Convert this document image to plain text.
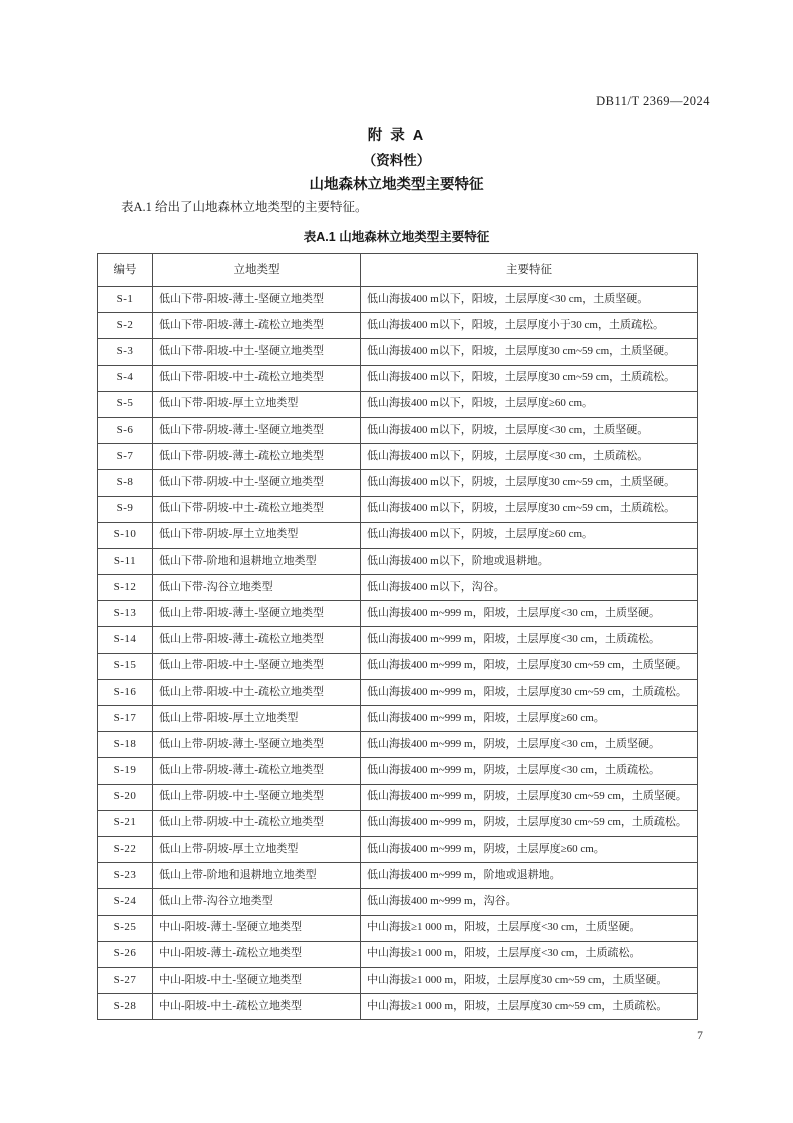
DB11/T 2369—2024
附 录 A
（资料性）
山地森林立地类型主要特征
表A.1 给出了山地森林立地类型的主要特征。
表A.1 山地森林立地类型主要特征
编号	立地类型	主要特征
S-1	低山下带-阳坡-薄土-坚硬立地类型	低山海拔400 m以下，阳坡，土层厚度<30 cm，土质坚硬。
S-2	低山下带-阳坡-薄土-疏松立地类型	低山海拔400 m以下，阳坡，土层厚度小于30 cm，土质疏松。
S-3	低山下带-阳坡-中土-坚硬立地类型	低山海拔400 m以下，阳坡，土层厚度30 cm~59 cm，土质坚硬。
S-4	低山下带-阳坡-中土-疏松立地类型	低山海拔400 m以下，阳坡，土层厚度30 cm~59 cm，土质疏松。
S-5	低山下带-阳坡-厚土立地类型	低山海拔400 m以下，阳坡，土层厚度≥60 cm。
S-6	低山下带-阴坡-薄土-坚硬立地类型	低山海拔400 m以下，阴坡，土层厚度<30 cm，土质坚硬。
S-7	低山下带-阴坡-薄土-疏松立地类型	低山海拔400 m以下，阴坡，土层厚度<30 cm，土质疏松。
S-8	低山下带-阴坡-中土-坚硬立地类型	低山海拔400 m以下，阴坡，土层厚度30 cm~59 cm，土质坚硬。
S-9	低山下带-阴坡-中土-疏松立地类型	低山海拔400 m以下，阴坡，土层厚度30 cm~59 cm，土质疏松。
S-10	低山下带-阴坡-厚土立地类型	低山海拔400 m以下，阴坡，土层厚度≥60 cm。
S-11	低山下带-阶地和退耕地立地类型	低山海拔400 m以下，阶地或退耕地。
S-12	低山下带-沟谷立地类型	低山海拔400 m以下，沟谷。
S-13	低山上带-阳坡-薄土-坚硬立地类型	低山海拔400 m~999 m，阳坡，土层厚度<30 cm，土质坚硬。
S-14	低山上带-阳坡-薄土-疏松立地类型	低山海拔400 m~999 m，阳坡，土层厚度<30 cm，土质疏松。
S-15	低山上带-阳坡-中土-坚硬立地类型	低山海拔400 m~999 m，阳坡，土层厚度30 cm~59 cm，土质坚硬。
S-16	低山上带-阳坡-中土-疏松立地类型	低山海拔400 m~999 m，阳坡，土层厚度30 cm~59 cm，土质疏松。
S-17	低山上带-阳坡-厚土立地类型	低山海拔400 m~999 m，阳坡，土层厚度≥60 cm。
S-18	低山上带-阴坡-薄土-坚硬立地类型	低山海拔400 m~999 m，阴坡，土层厚度<30 cm，土质坚硬。
S-19	低山上带-阴坡-薄土-疏松立地类型	低山海拔400 m~999 m，阴坡，土层厚度<30 cm，土质疏松。
S-20	低山上带-阴坡-中土-坚硬立地类型	低山海拔400 m~999 m，阴坡，土层厚度30 cm~59 cm，土质坚硬。
S-21	低山上带-阴坡-中土-疏松立地类型	低山海拔400 m~999 m，阴坡，土层厚度30 cm~59 cm，土质疏松。
S-22	低山上带-阴坡-厚土立地类型	低山海拔400 m~999 m，阴坡，土层厚度≥60 cm。
S-23	低山上带-阶地和退耕地立地类型	低山海拔400 m~999 m，阶地或退耕地。
S-24	低山上带-沟谷立地类型	低山海拔400 m~999 m，沟谷。
S-25	中山-阳坡-薄土-坚硬立地类型	中山海拔≥1 000 m，阳坡，土层厚度<30 cm，土质坚硬。
S-26	中山-阳坡-薄土-疏松立地类型	中山海拔≥1 000 m，阳坡，土层厚度<30 cm，土质疏松。
S-27	中山-阳坡-中土-坚硬立地类型	中山海拔≥1 000 m，阳坡，土层厚度30 cm~59 cm，土质坚硬。
S-28	中山-阳坡-中土-疏松立地类型	中山海拔≥1 000 m，阳坡，土层厚度30 cm~59 cm，土质疏松。
7
